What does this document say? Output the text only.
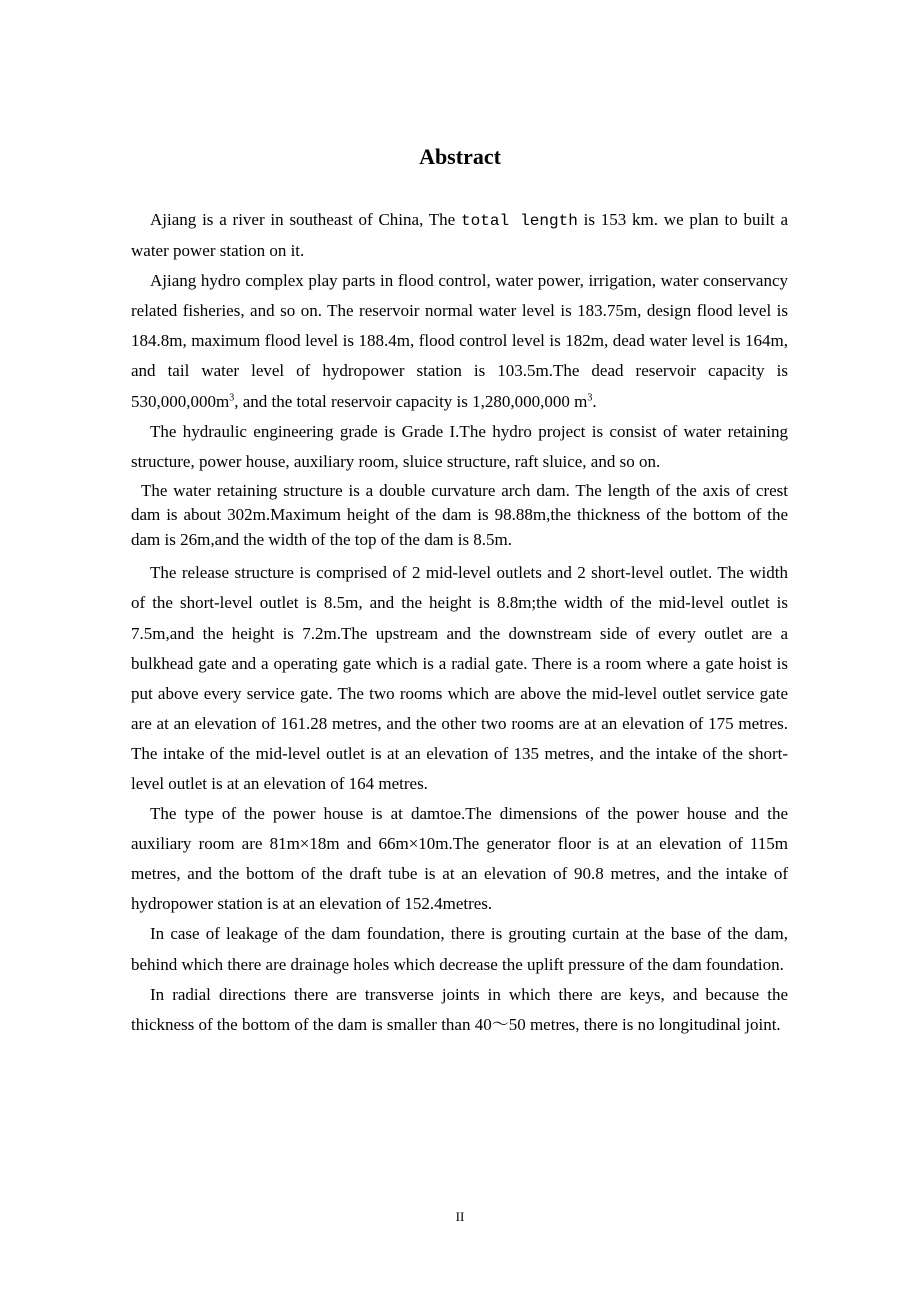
Abstract

Ajiang is a river in southeast of China, The total length is 153 km. we plan to built a water power station on it.

Ajiang hydro complex play parts in flood control, water power, irrigation, water conservancy related fisheries, and so on. The reservoir normal water level is 183.75m, design flood level is 184.8m, maximum flood level is 188.4m, flood control level is 182m, dead water level is 164m, and tail water level of hydropower station is 103.5m.The dead reservoir capacity is $530,000,000m^3$, and the total reservoir capacity is 1,280,000,000 $m^3$.

The hydraulic engineering grade is Grade I.The hydro project is consist of water retaining structure, power house, auxiliary room, sluice structure, raft sluice, and so on.

The water retaining structure is a double curvature arch dam. The length of the axis of crest dam is about 302m.Maximum height of the dam is 98.88m,the thickness of the bottom of the dam is 26m,and the width of the top of the dam is 8.5m.

The release structure is comprised of 2 mid-level outlets and 2 short-level outlet. The width of the short-level outlet is 8.5m, and the height is 8.8m;the width of the mid-level outlet is 7.5m,and the height is 7.2m.The upstream and the downstream side of every outlet are a bulkhead gate and a operating gate which is a radial gate. There is a room where a gate hoist is put above every service gate. The two rooms which are above the mid-level outlet service gate are at an elevation of 161.28 metres, and the other two rooms are at an elevation of 175 metres. The intake of the mid-level outlet is at an elevation of 135 metres, and the intake of the short-level outlet is at an elevation of 164 metres.

The type of the power house is at damtoe.The dimensions of the power house and the auxiliary room are 81m×18m and 66m×10m.The generator floor is at an elevation of 115m metres, and the bottom of the draft tube is at an elevation of 90.8 metres, and the intake of hydropower station is at an elevation of 152.4metres.

In case of leakage of the dam foundation, there is grouting curtain at the base of the dam, behind which there are drainage holes which decrease the uplift pressure of the dam foundation.

In radial directions there are transverse joints in which there are keys, and because the thickness of the bottom of the dam is smaller than 40～50 metres, there is no longitudinal joint.

II
